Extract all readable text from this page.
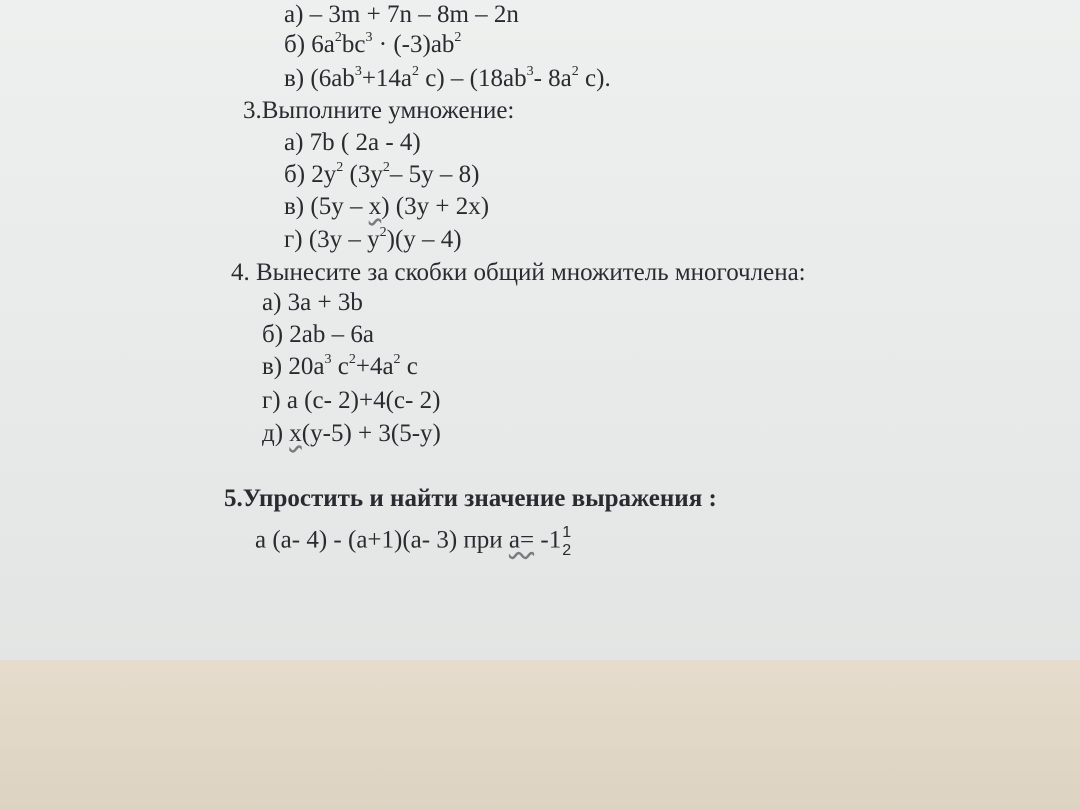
а) – 3m + 7n – 8m – 2n
б) $6a^2bc^3 \cdot (-3)ab^2$
в) ($6ab^3+14a^2$ $c) - (18ab^3-$ $8a^2$ c).
3.Выполните умножение:
а) 7b ( 2a - 4)
б) $2y^2$ ($3y^2-$ 5y – 8)
в) (5y – x) (3y + 2x)
г) $(3y - y^2)(y - 4)$
4. Вынесите за скобки общий множитель многочлена:
а) 3a + 3b
б) 2ab – 6a
в) $20a^3$ $c^2+4a^2$ c
г) a (c- 2)+4(c- 2)
д) x(y-5) + 3(5-y)
5.Упростить и найти значение выражения :
a (a- 4) - (a+1)(a- 3) при a= -1 1
2
